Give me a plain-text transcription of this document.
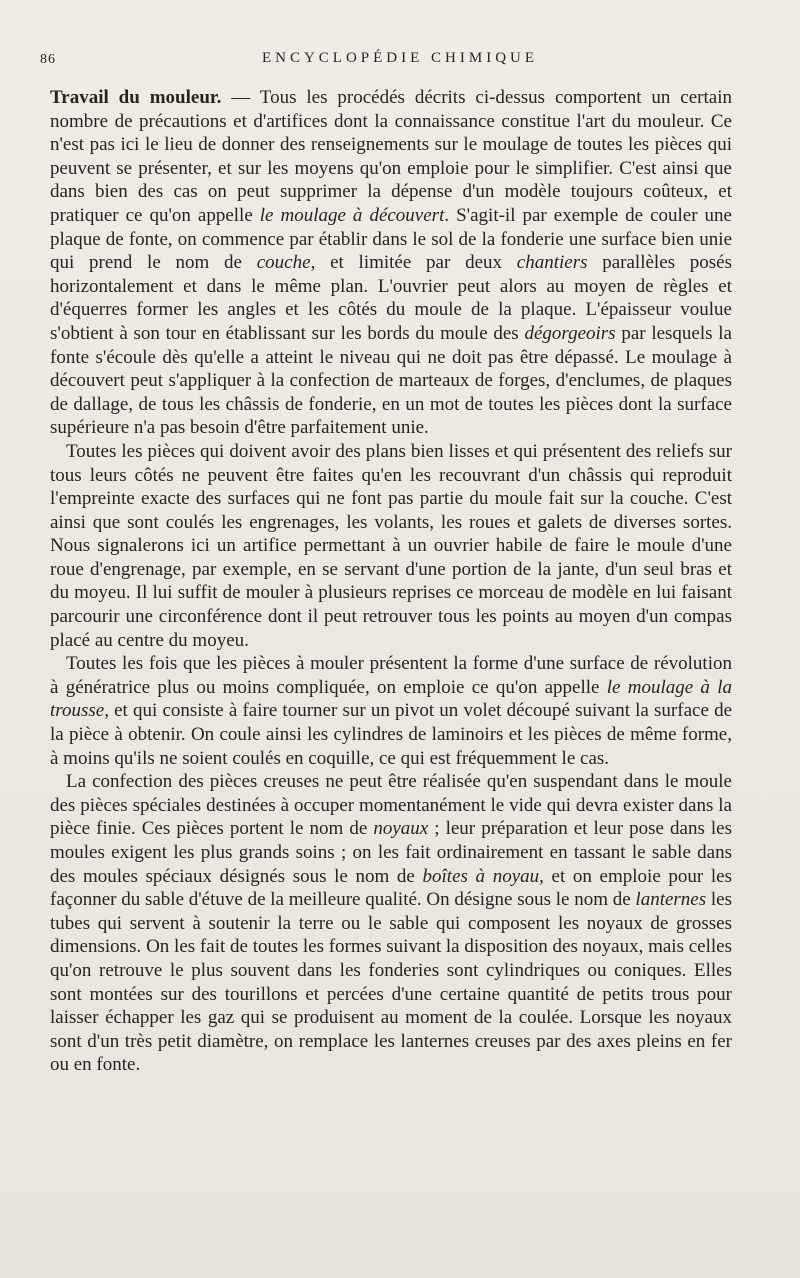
86	ENCYCLOPÉDIE CHIMIQUE

Travail du mouleur. — Tous les procédés décrits ci-dessus comportent un certain nombre de précautions et d'artifices dont la connaissance constitue l'art du mouleur. Ce n'est pas ici le lieu de donner des renseignements sur le moulage de toutes les pièces qui peuvent se présenter, et sur les moyens qu'on emploie pour le simplifier. C'est ainsi que dans bien des cas on peut supprimer la dépense d'un modèle toujours coûteux, et pratiquer ce qu'on appelle le moulage à découvert. S'agit-il par exemple de couler une plaque de fonte, on commence par établir dans le sol de la fonderie une surface bien unie qui prend le nom de couche, et limitée par deux chantiers parallèles posés horizontalement et dans le même plan. L'ouvrier peut alors au moyen de règles et d'équerres former les angles et les côtés du moule de la plaque. L'épaisseur voulue s'obtient à son tour en établissant sur les bords du moule des dégorgeoirs par lesquels la fonte s'écoule dès qu'elle a atteint le niveau qui ne doit pas être dépassé. Le moulage à découvert peut s'appliquer à la confection de marteaux de forges, d'enclumes, de plaques de dallage, de tous les châssis de fonderie, en un mot de toutes les pièces dont la surface supérieure n'a pas besoin d'être parfaitement unie.

Toutes les pièces qui doivent avoir des plans bien lisses et qui présentent des reliefs sur tous leurs côtés ne peuvent être faites qu'en les recouvrant d'un châssis qui reproduit l'empreinte exacte des surfaces qui ne font pas partie du moule fait sur la couche. C'est ainsi que sont coulés les engrenages, les volants, les roues et galets de diverses sortes. Nous signalerons ici un artifice permettant à un ouvrier habile de faire le moule d'une roue d'engrenage, par exemple, en se servant d'une portion de la jante, d'un seul bras et du moyeu. Il lui suffit de mouler à plusieurs reprises ce morceau de modèle en lui faisant parcourir une circonférence dont il peut retrouver tous les points au moyen d'un compas placé au centre du moyeu.

Toutes les fois que les pièces à mouler présentent la forme d'une surface de révolution à génératrice plus ou moins compliquée, on emploie ce qu'on appelle le moulage à la trousse, et qui consiste à faire tourner sur un pivot un volet découpé suivant la surface de la pièce à obtenir. On coule ainsi les cylindres de laminoirs et les pièces de même forme, à moins qu'ils ne soient coulés en coquille, ce qui est fréquemment le cas.

La confection des pièces creuses ne peut être réalisée qu'en suspendant dans le moule des pièces spéciales destinées à occuper momentanément le vide qui devra exister dans la pièce finie. Ces pièces portent le nom de noyaux ; leur préparation et leur pose dans les moules exigent les plus grands soins ; on les fait ordinairement en tassant le sable dans des moules spéciaux désignés sous le nom de boîtes à noyau, et on emploie pour les façonner du sable d'étuve de la meilleure qualité. On désigne sous le nom de lanternes les tubes qui servent à soutenir la terre ou le sable qui composent les noyaux de grosses dimensions. On les fait de toutes les formes suivant la disposition des noyaux, mais celles qu'on retrouve le plus souvent dans les fonderies sont cylindriques ou coniques. Elles sont montées sur des tourillons et percées d'une certaine quantité de petits trous pour laisser échapper les gaz qui se produisent au moment de la coulée. Lorsque les noyaux sont d'un très petit diamètre, on remplace les lanternes creuses par des axes pleins en fer ou en fonte.
